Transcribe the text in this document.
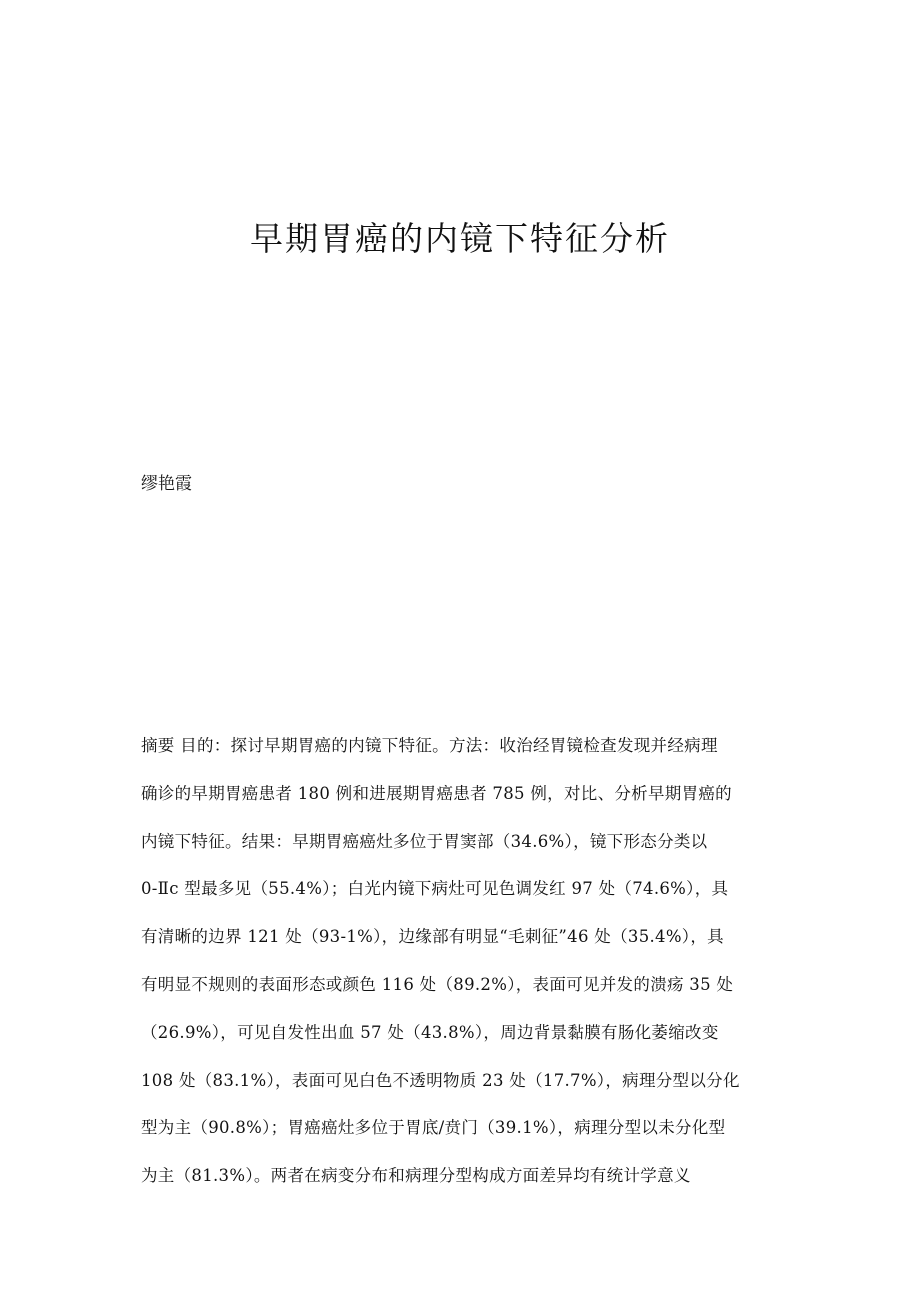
早期胃癌的内镜下特征分析

缪艳霞

摘要 目的：探讨早期胃癌的内镜下特征。方法：收治经胃镜检查发现并经病理
确诊的早期胃癌患者 180 例和进展期胃癌患者 785 例，对比、分析早期胃癌的
内镜下特征。结果：早期胃癌癌灶多位于胃窦部（34.6%），镜下形态分类以
0-Ⅱc 型最多见（55.4%）；白光内镜下病灶可见色调发红 97 处（74.6%），具
有清晰的边界 121 处（93-1%），边缘部有明显“毛刺征”46 处（35.4%），具
有明显不规则的表面形态或颜色 116 处（89.2%），表面可见并发的溃疡 35 处
（26.9%），可见自发性出血 57 处（43.8%），周边背景黏膜有肠化萎缩改变
108 处（83.1%），表面可见白色不透明物质 23 处（17.7%），病理分型以分化
型为主（90.8%）；胃癌癌灶多位于胃底/贲门（39.1%），病理分型以未分化型
为主（81.3%）。两者在病变分布和病理分型构成方面差异均有统计学意义
